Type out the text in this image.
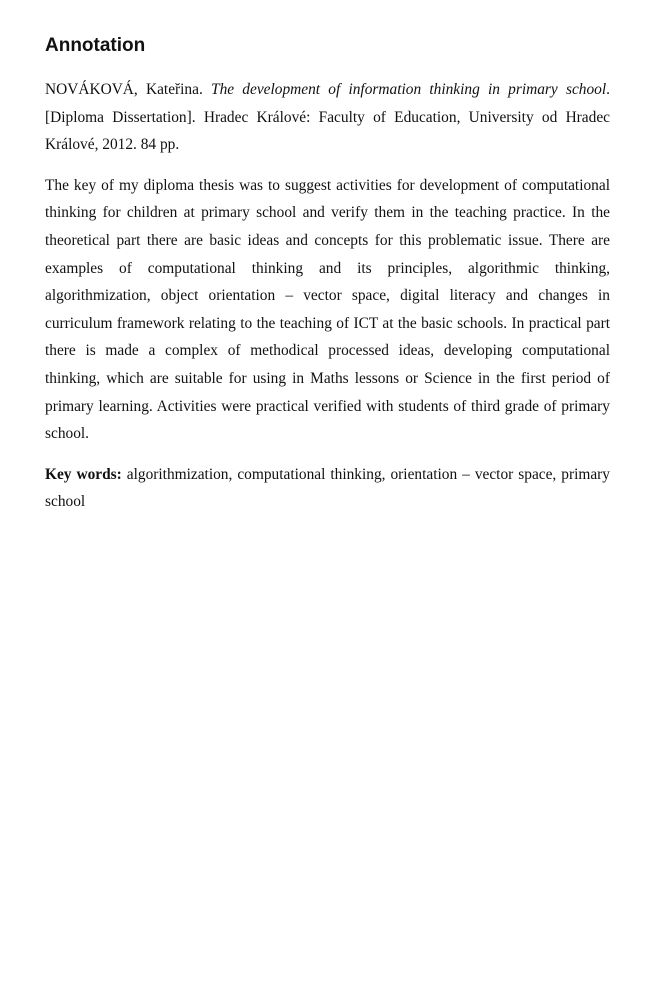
Annotation

NOVÁKOVÁ, Kateřina. The development of information thinking in primary school. [Diploma Dissertation]. Hradec Králové: Faculty of Education, University od Hradec Králové, 2012. 84 pp.

The key of my diploma thesis was to suggest activities for development of computational thinking for children at primary school and verify them in the teaching practice. In the theoretical part there are basic ideas and concepts for this problematic issue. There are examples of computational thinking and its principles, algorithmic thinking, algorithmization, object orientation – vector space, digital literacy and changes in curriculum framework relating to the teaching of ICT at the basic schools. In practical part there is made a complex of methodical processed ideas, developing computational thinking, which are suitable for using in Maths lessons or Science in the first period of primary learning. Activities were practical verified with students of third grade of primary school.

Key words: algorithmization, computational thinking, orientation – vector space, primary school
